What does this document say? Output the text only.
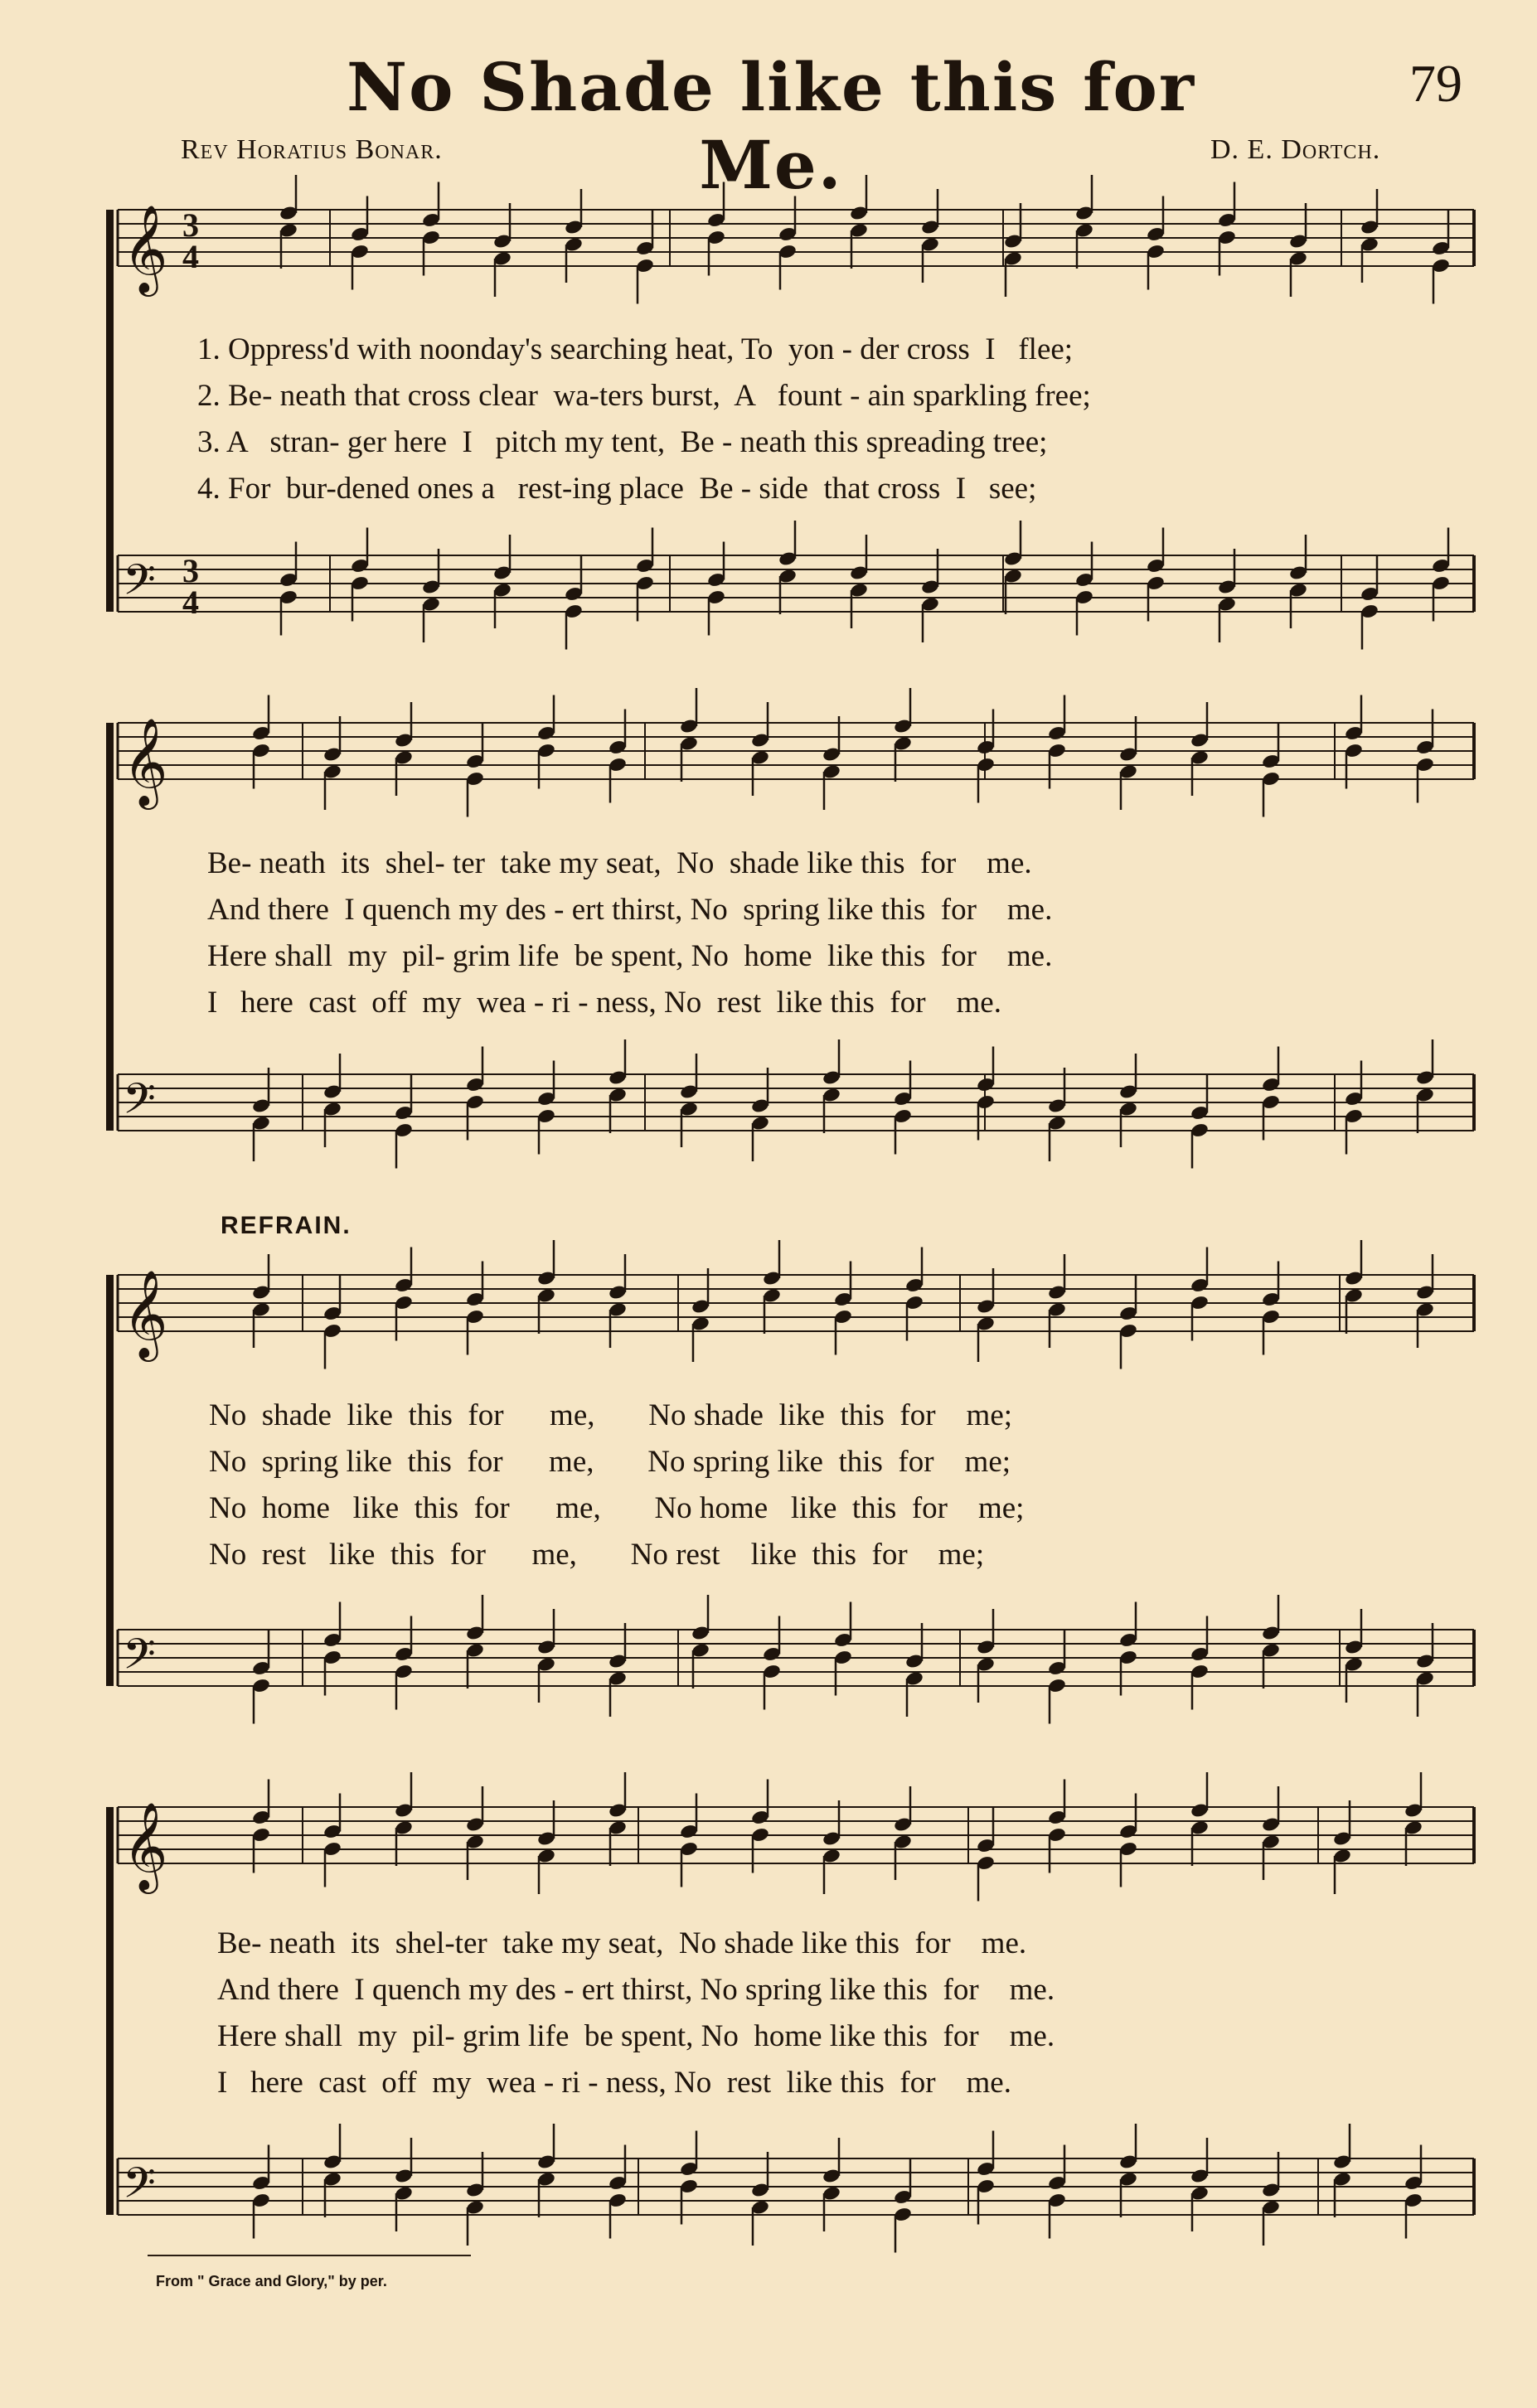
No Shade like this for Me.
79
Rev Horatius Bonar.	D. E. Dortch.
𝄞 3
4
𝄢 3
4
𝄞
𝄢
𝄞
𝄢
𝄞
𝄢
1. Oppress'd with noonday's searching heat, To  yon - der cross  I   flee;
2. Be- neath that cross clear  wa-ters burst,  A   fount - ain sparkling free;
3. A   stran- ger here  I   pitch my tent,  Be - neath this spreading tree;
4. For  bur-dened ones a   rest-ing place  Be - side  that cross  I   see;
Be- neath  its  shel- ter  take my seat,  No  shade like this  for    me.
And there  I quench my des - ert thirst, No  spring like this  for    me.
Here shall  my  pil- grim life  be spent, No  home  like this  for    me.
I   here  cast  off  my  wea - ri - ness, No  rest  like this  for    me.
REFRAIN.
No  shade  like  this  for      me,       No shade  like  this  for    me;
No  spring like  this  for      me,       No spring like  this  for    me;
No  home   like  this  for      me,       No home   like  this  for    me;
No  rest   like  this  for      me,       No rest    like  this  for    me;
Be- neath  its  shel-ter  take my seat,  No shade like this  for    me.
And there  I quench my des - ert thirst, No spring like this  for    me.
Here shall  my  pil- grim life  be spent, No  home like this  for    me.
I   here  cast  off  my  wea - ri - ness, No  rest  like this  for    me.
From " Grace and Glory," by per.
